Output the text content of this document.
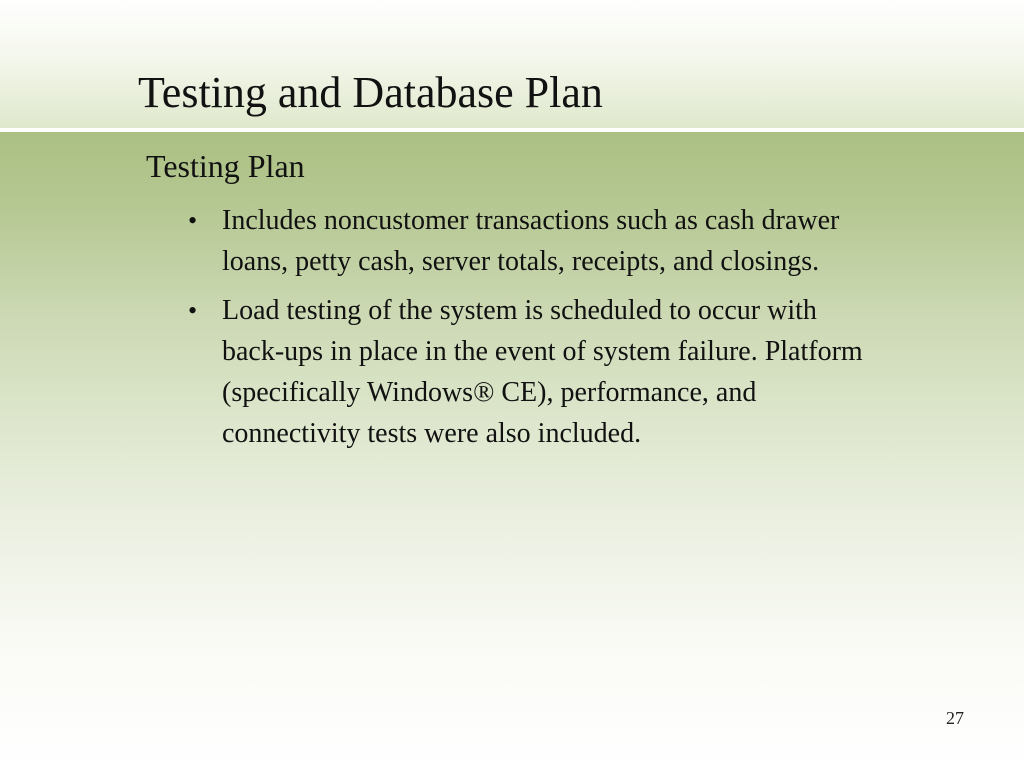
Testing and Database Plan
Testing Plan
• Includes noncustomer transactions such as cash drawer loans, petty cash, server totals, receipts, and closings.
• Load testing of the system is scheduled to occur with back-ups in place in the event of system failure. Platform (specifically Windows® CE), performance, and connectivity tests were also included.
27
